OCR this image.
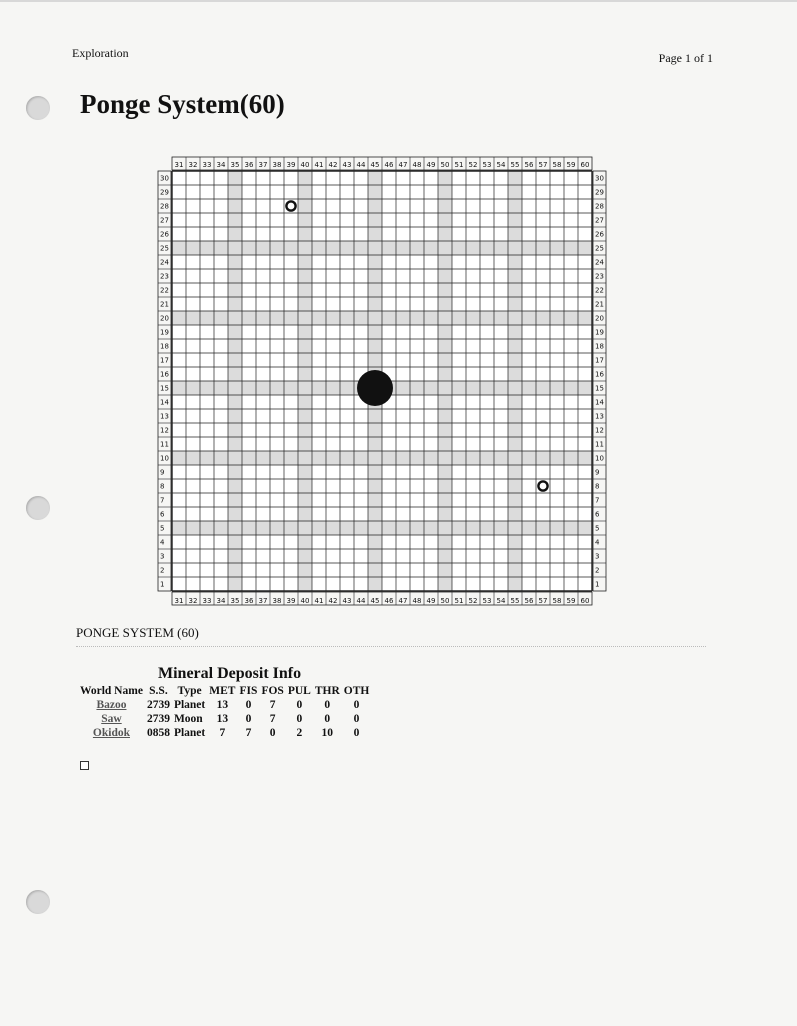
Exploration	Page 1 of 1
Ponge System(60)
31
31
32
32
33
33
34
34
35
35
36
36
37
37
38
38
39
39
40
40
41
41
42
42
43
43
44
44
45
45
46
46
47
47
48
48
49
49
50
50
51
51
52
52
53
53
54
54
55
55
56
56
57
57
58
58
59
59
60
60
30	30
29	29
28	28
27	27
26	26
25	25
24	24
23	23
22	22
21	21
20	20
19	19
18	18
17	17
16	16
15	15
14	14
13	13
12	12
11	11
10	10
9	9
8	8
7	7
6	6
5	5
4	4
3	3
2	2
1	1
PONGE SYSTEM (60)
Mineral Deposit Info
World Name	S.S.	Type	MET	FIS	FOS	PUL	THR	OTH
Bazoo	2739	Planet	13	0	7	0	0	0
Saw	2739	Moon	13	0	7	0	0	0
Okidok	0858	Planet	7	7	0	2	10	0
